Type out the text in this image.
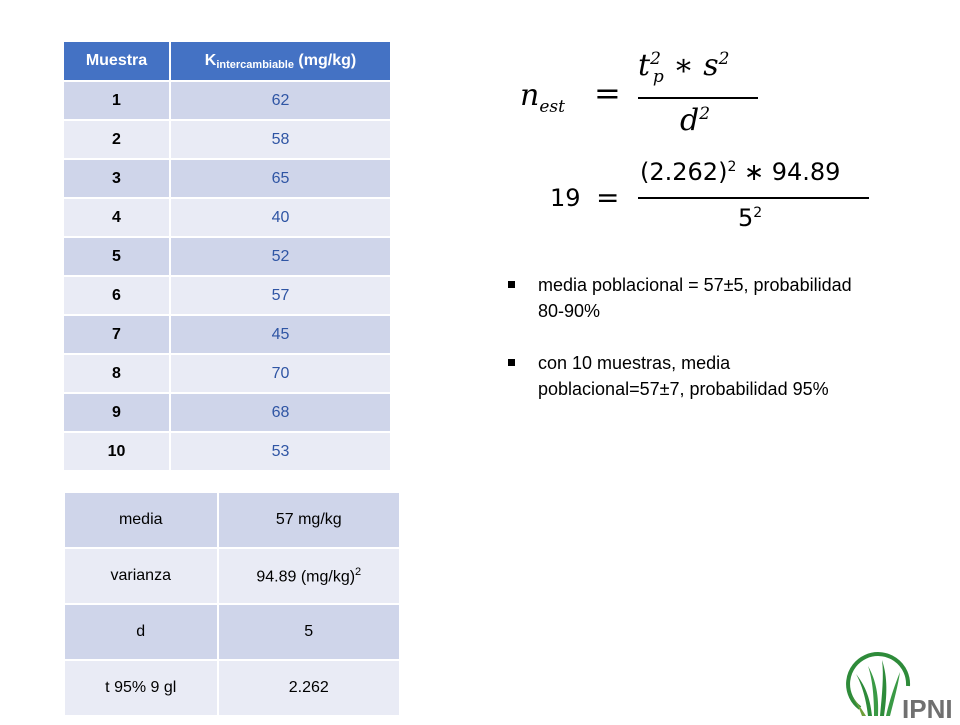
Muestra	$K_{intercambiable}$ (mg/kg)
1	62
2	58
3	65
4	40
5	52
6	57
7	45
8	70
9	68
10	53
media	57 mg/kg
varianza	94.89 $(mg/kg)^2$
d	5
t 95% 9 gl	2.262
$n_{est}$ =
$t^2_p$ ∗ $s^2$
$d^2$
19 =
$(2.262)^2$ ∗ 94.89
$5^2$
media poblacional = 57±5, probabilidad 80-90%
con 10 muestras, media poblacional=57±7, probabilidad 95%
IPNI
